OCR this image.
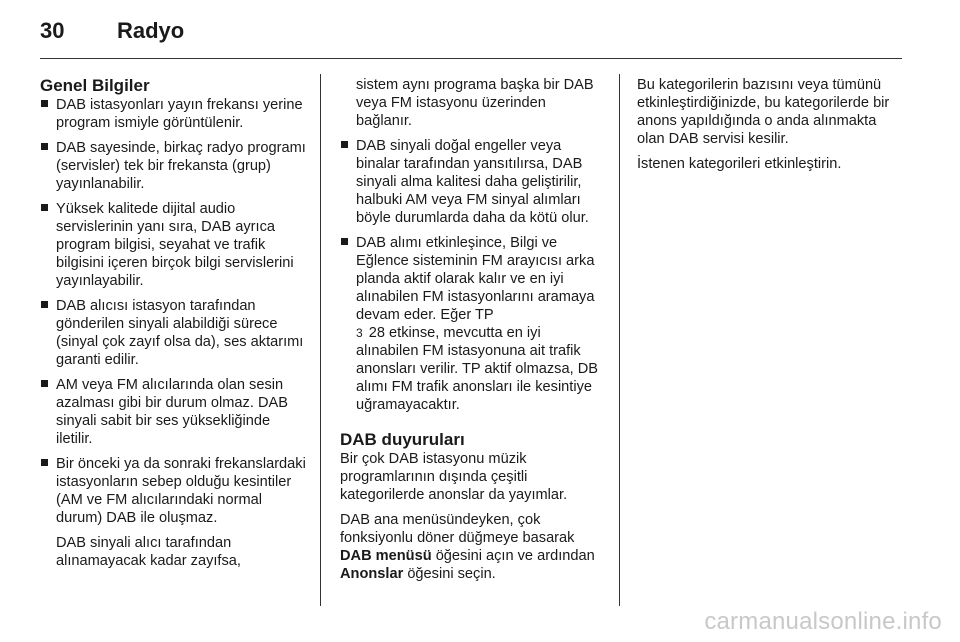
30 Radyo
Genel Bilgiler
DAB istasyonları yayın frekansı yerine program ismiyle görüntülenir.
DAB sayesinde, birkaç radyo programı (servisler) tek bir frekansta (grup) yayınlanabilir.
Yüksek kalitede dijital audio servislerinin yanı sıra, DAB ayrıca program bilgisi, seyahat ve trafik bilgisini içeren birçok bilgi servislerini yayınlayabilir.
DAB alıcısı istasyon tarafından gönderilen sinyali alabildiği sürece (sinyal çok zayıf olsa da), ses aktarımı garanti edilir.
AM veya FM alıcılarında olan sesin azalması gibi bir durum olmaz. DAB sinyali sabit bir ses yüksekliğinde iletilir.
Bir önceki ya da sonraki frekanslardaki istasyonların sebep olduğu kesintiler (AM ve FM alıcılarındaki normal durum) DAB ile oluşmaz.

DAB sinyali alıcı tarafından alınamayacak kadar zayıfsa,

sistem aynı programa başka bir DAB veya FM istasyonu üzerinden bağlanır.

DAB sinyali doğal engeller veya binalar tarafından yansıtılırsa, DAB sinyali alma kalitesi daha geliştirilir, halbuki AM veya FM sinyal alımları böyle durumlarda daha da kötü olur.
DAB alımı etkinleşince, Bilgi ve Eğlence sisteminin FM arayıcısı arka planda aktif olarak kalır ve en iyi alınabilen FM istasyonlarını aramaya devam eder. Eğer TP
3 28 etkinse, mevcutta en iyi alınabilen FM istasyonuna ait trafik anonsları verilir. TP aktif olmazsa, DB alımı FM trafik anonsları ile kesintiye uğramayacaktır.
DAB duyuruları

Bir çok DAB istasyonu müzik programlarının dışında çeşitli kategorilerde anonslar da yayımlar.

DAB ana menüsündeyken, çok fonksiyonlu döner düğmeye basarak
DAB menüsü öğesini açın ve ardından
Anonslar öğesini seçin.

Bu kategorilerin bazısını veya tümünü etkinleştirdiğinizde, bu kategorilerde bir anons yapıldığında o anda alınmakta olan DAB servisi kesilir.

İstenen kategorileri etkinleştirin.

carmanualsonline.info
